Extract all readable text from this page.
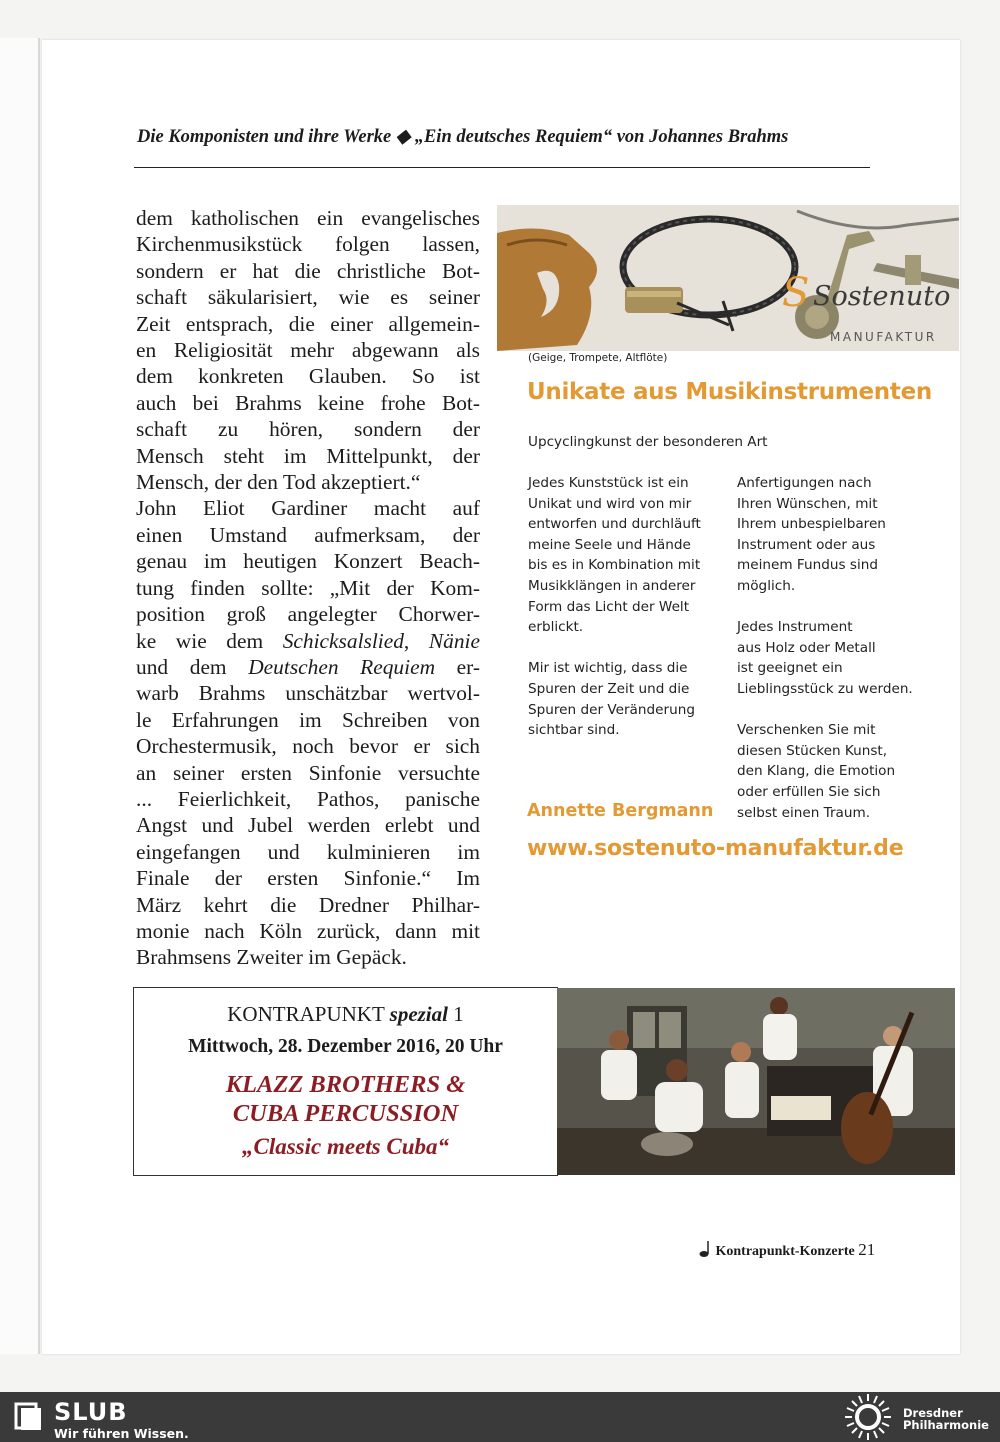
Die Komponisten und ihre Werke ◆ „Ein deutsches Requiem“ von Johannes Brahms
dem katholischen ein evangelisches
Kirchenmusikstück folgen lassen,
sondern er hat die christliche Bot-
schaft säkularisiert, wie es seiner
Zeit entsprach, die einer allgemein-
en Religiosität mehr abgewann als
dem konkreten Glauben. So ist
auch bei Brahms keine frohe Bot-
schaft zu hören, sondern der
Mensch steht im Mittelpunkt, der
Mensch, der den Tod akzeptiert.“
John Eliot Gardiner macht auf
einen Umstand aufmerksam, der
genau im heutigen Konzert Beach-
tung finden sollte: „Mit der Kom-
position groß angelegter Chorwer-
ke wie dem Schicksalslied, Nänie
und dem Deutschen Requiem er-
warb Brahms unschätzbar wertvol-
le Erfahrungen im Schreiben von
Orchestermusik, noch bevor er sich
an seiner ersten Sinfonie versuchte
... Feierlichkeit, Pathos, panische
Angst und Jubel werden erlebt und
eingefangen und kulminieren im
Finale der ersten Sinfonie.“ Im
März kehrt die Dredner Philhar-
monie nach Köln zurück, dann mit
Brahmsens Zweiter im Gepäck.
S Sostenuto
MANUFAKTUR
(Geige, Trompete, Altflöte)
Unikate aus Musikinstrumenten
Upcyclingkunst der besonderen Art
Jedes Kunststück ist ein
Unikat und wird von mir
entworfen und durchläuft
meine Seele und Hände
bis es in Kombination mit
Musikklängen in anderer
Form das Licht der Welt
erblickt.
Mir ist wichtig, dass die
Spuren der Zeit und die
Spuren der Veränderung
sichtbar sind.
Anfertigungen nach
Ihren Wünschen, mit
Ihrem unbespielbaren
Instrument oder aus
meinem Fundus sind
möglich.
Jedes Instrument
aus Holz oder Metall
ist geeignet ein
Lieblingsstück zu werden.
Verschenken Sie mit
diesen Stücken Kunst,
den Klang, die Emotion
oder erfüllen Sie sich
selbst einen Traum.
Annette Bergmann
www.sostenuto-manufaktur.de
KONTRAPUNKT spezial 1
Mittwoch, 28. Dezember 2016, 20 Uhr
KLAZZ BROTHERS &
CUBA PERCUSSION
„Classic meets Cuba“
Kontrapunkt-Konzerte 21
SLUB
Wir führen Wissen.
Dresdner
Philharmonie
